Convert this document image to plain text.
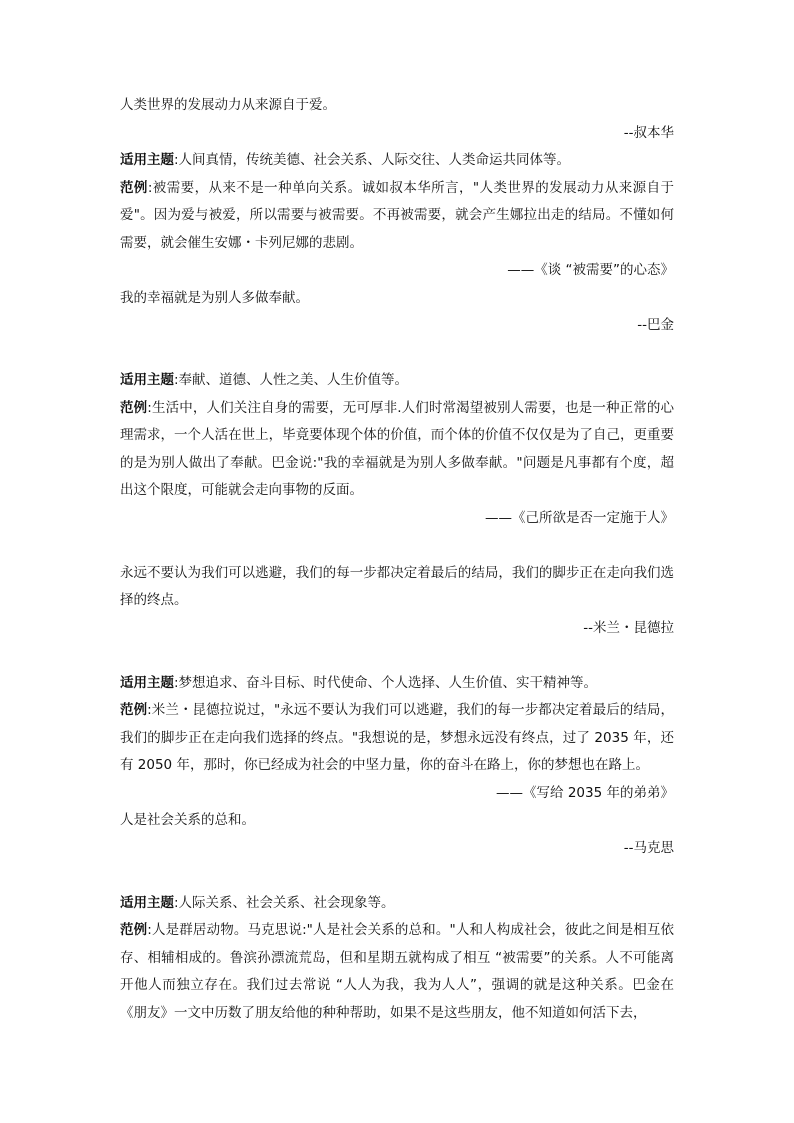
人类世界的发展动力从来源自于爱。
--叔本华
适用主题:人间真情，传统美德、社会关系、人际交往、人类命运共同体等。
范例:被需要，从来不是一种单向关系。诚如叔本华所言，"人类世界的发展动力从来源自于爱"。因为爱与被爱，所以需要与被需要。不再被需要，就会产生娜拉出走的结局。不懂如何需要，就会催生安娜・卡列尼娜的悲剧。
——《谈 “被需要”的心态》
我的幸福就是为别人多做奉献。
--巴金
适用主题:奉献、道德、人性之美、人生价值等。
范例:生活中，人们关注自身的需要，无可厚非.人们时常渴望被别人需要，也是一种正常的心理需求，一个人活在世上，毕竟要体现个体的价值，而个体的价值不仅仅是为了自己，更重要的是为别人做出了奉献。巴金说:"我的幸福就是为别人多做奉献。"问题是凡事都有个度，超出这个限度，可能就会走向事物的反面。
——《己所欲是否一定施于人》
永远不要认为我们可以逃避，我们的每一步都决定着最后的结局，我们的脚步正在走向我们选择的终点。
--米兰・昆德拉
适用主题:梦想追求、奋斗目标、时代使命、个人选择、人生价值、实干精神等。
范例:米兰・昆德拉说过，"永远不要认为我们可以逃避，我们的每一步都决定着最后的结局，我们的脚步正在走向我们选择的终点。"我想说的是，梦想永远没有终点，过了 2035 年，还有 2050 年，那时，你已经成为社会的中坚力量，你的奋斗在路上，你的梦想也在路上。
——《写给 2035 年的弟弟》
人是社会关系的总和。
--马克思
适用主题:人际关系、社会关系、社会现象等。
范例:人是群居动物。马克思说:"人是社会关系的总和。"人和人构成社会，彼此之间是相互依存、相辅相成的。鲁滨孙漂流荒岛，但和星期五就构成了相互 “被需要”的关系。人不可能离开他人而独立存在。我们过去常说 “人人为我，我为人人”，强调的就是这种关系。巴金在《朋友》一文中历数了朋友给他的种种帮助，如果不是这些朋友，他不知道如何活下去，
